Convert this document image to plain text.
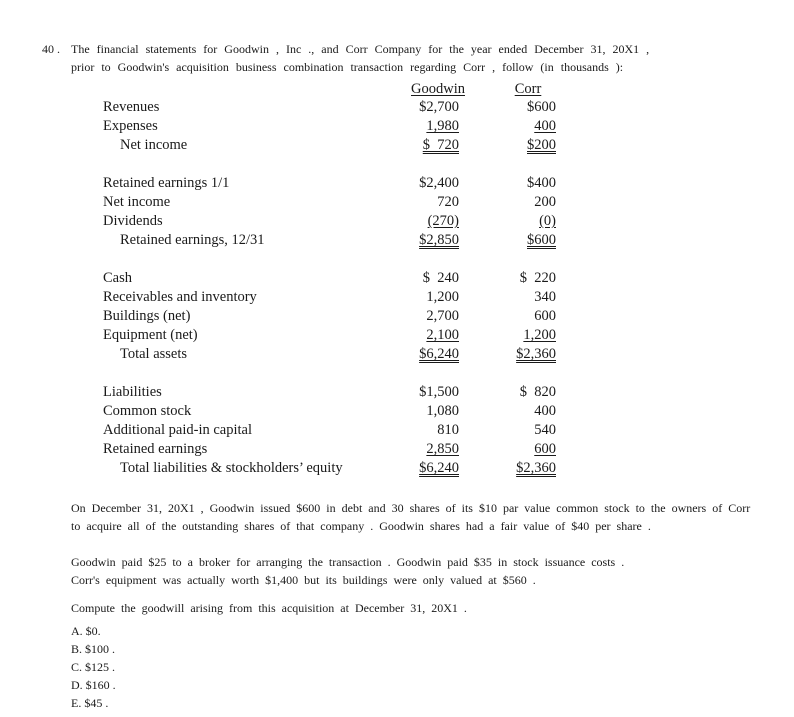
40 . The financial statements for Goodwin , Inc ., and Corr Company for the year ended December 31, 20X1 ,
prior to Goodwin's acquisition business combination transaction regarding Corr , follow (in thousands ):
Goodwin	Corr
Revenues	$2,700	$600
Expenses	1,980	400
Net income	$  720	$200
Retained earnings 1/1	$2,400	$400
Net income	720	200
Dividends	(270)	(0)
Retained earnings, 12/31	$2,850	$600
Cash	$  240	$  220
Receivables and inventory	1,200	340
Buildings (net)	2,700	600
Equipment (net)	2,100	1,200
Total assets	$6,240	$2,360
Liabilities	$1,500	$  820
Common stock	1,080	400
Additional paid-in capital	810	540
Retained earnings	2,850	600
Total liabilities & stockholders’ equity	$6,240	$2,360
On December 31, 20X1 , Goodwin issued $600 in debt and 30 shares of its $10 par value common stock to the owners of Corr to acquire all of the outstanding shares of that company . Goodwin shares had a fair value of $40 per share .
Goodwin paid $25 to a broker for arranging the transaction . Goodwin paid $35 in stock issuance costs .
Corr's equipment was actually worth $1,400 but its buildings were only valued at $560 .
Compute the goodwill arising from this acquisition at December 31, 20X1 .
A. $0.
B. $100 .
C. $125 .
D. $160 .
E. $45 .
